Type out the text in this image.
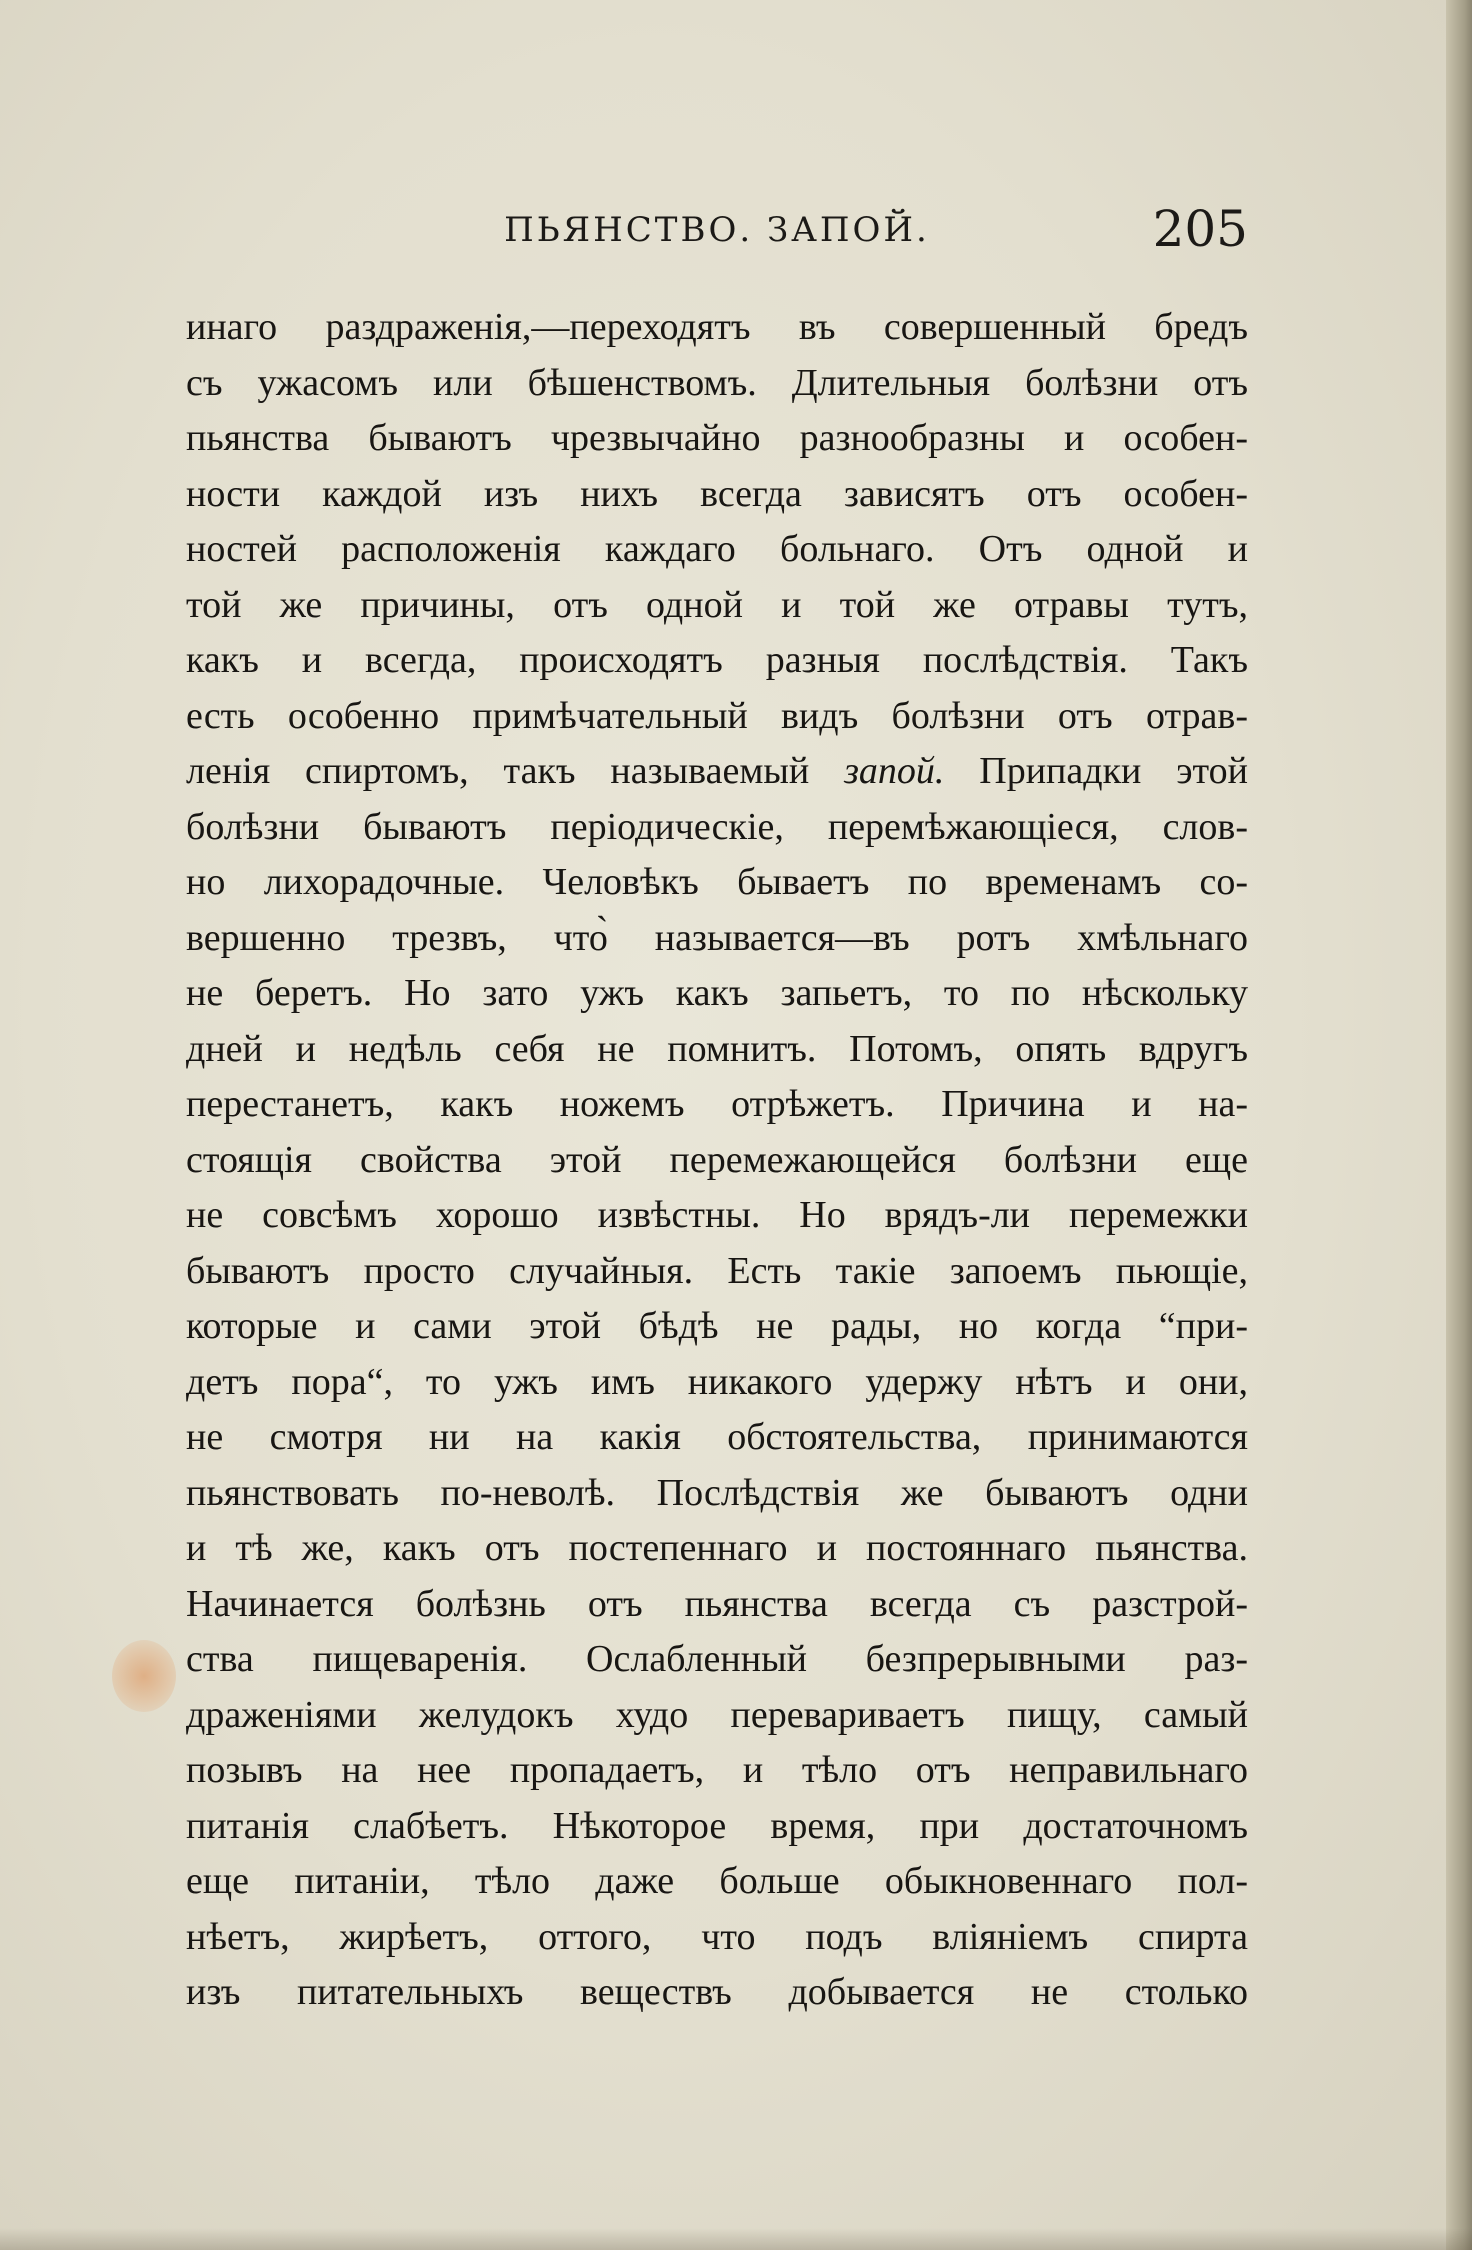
ПЬЯНСТВО. ЗАПОЙ.	205
инаго раздраженія,—переходятъ въ совершенный бредъ
съ ужасомъ или бѣшенствомъ. Длительныя болѣзни отъ
пьянства бываютъ чрезвычайно разнообразны и особен-
ности каждой изъ нихъ всегда зависятъ отъ особен-
ностей расположенія каждаго больнаго. Отъ одной и
той же причины, отъ одной и той же отравы тутъ,
какъ и всегда, происходятъ разныя послѣдствія. Такъ
есть особенно примѣчательный видъ болѣзни отъ отрав-
ленія спиртомъ, такъ называемый запой. Припадки этой
болѣзни бываютъ періодическіе, перемѣжающіеся, слов-
но лихорадочные. Человѣкъ бываетъ по временамъ со-
вершенно трезвъ, что̀ называется—въ ротъ хмѣльнаго
не беретъ. Но зато ужъ какъ запьетъ, то по нѣскольку
дней и недѣль себя не помнитъ. Потомъ, опять вдругъ
перестанетъ, какъ ножемъ отрѣжетъ. Причина и на-
стоящія свойства этой перемежающейся болѣзни еще
не совсѣмъ хорошо извѣстны. Но врядъ-ли перемежки
бываютъ просто случайныя. Есть такіе запоемъ пьющіе,
которые и сами этой бѣдѣ не рады, но когда “при-
детъ пора“, то ужъ имъ никакого удержу нѣтъ и они,
не смотря ни на какія обстоятельства, принимаются
пьянствовать по-неволѣ. Послѣдствія же бываютъ одни
и тѣ же, какъ отъ постепеннаго и постояннаго пьянства.
Начинается болѣзнь отъ пьянства всегда съ разстрой-
ства пищеваренія. Ослабленный безпрерывными раз-
драженіями желудокъ худо перевариваетъ пищу, самый
позывъ на нее пропадаетъ, и тѣло отъ неправильнаго
питанія слабѣетъ. Нѣкоторое время, при достаточномъ
еще питаніи, тѣло даже больше обыкновеннаго пол-
нѣетъ, жирѣетъ, оттого, что подъ вліяніемъ спирта
изъ питательныхъ веществъ добывается не столько
